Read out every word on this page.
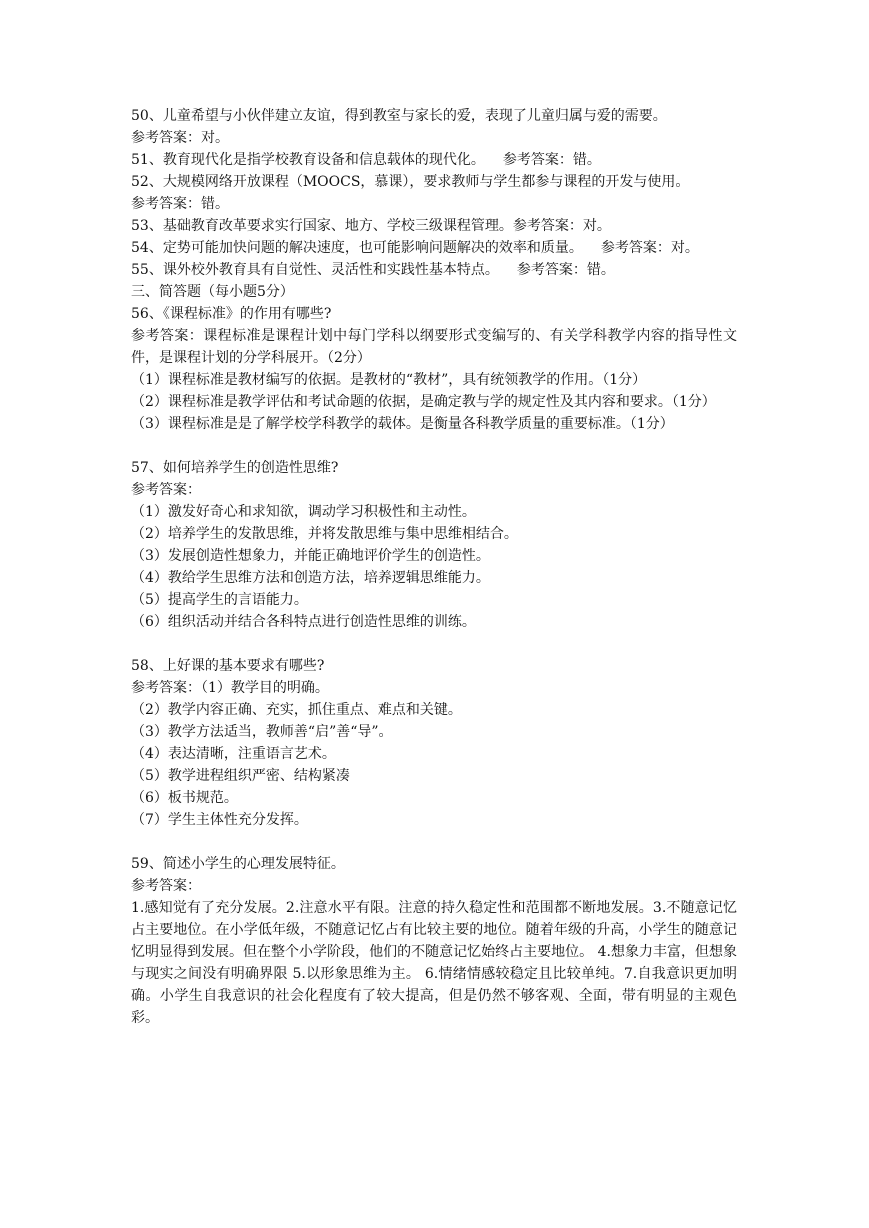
50、儿童希望与小伙伴建立友谊，得到教室与家长的爱，表现了儿童归属与爱的需要。
参考答案：对。
51、教育现代化是指学校教育设备和信息载体的现代化。 参考答案：错。
52、大规模网络开放课程（MOOCS，慕课），要求教师与学生都参与课程的开发与使用。
参考答案：错。
53、基础教育改革要求实行国家、地方、学校三级课程管理。参考答案：对。
54、定势可能加快问题的解决速度，也可能影响问题解决的效率和质量。 参考答案：对。
55、课外校外教育具有自觉性、灵活性和实践性基本特点。 参考答案：错。
三、简答题（每小题5分）
56、《课程标准》的作用有哪些?
参考答案：课程标准是课程计划中每门学科以纲要形式变编写的、有关学科教学内容的指导性文件，是课程计划的分学科展开。（2分）
（1）课程标准是教材编写的依据。是教材的“教材”，具有统领教学的作用。（1分）
（2）课程标准是教学评估和考试命题的依据，是确定教与学的规定性及其内容和要求。（1分）
（3）课程标准是是了解学校学科教学的载体。是衡量各科教学质量的重要标准。（1分）
57、如何培养学生的创造性思维?
参考答案：
（1）激发好奇心和求知欲，调动学习积极性和主动性。
（2）培养学生的发散思维，并将发散思维与集中思维相结合。
（3）发展创造性想象力，并能正确地评价学生的创造性。
（4）教给学生思维方法和创造方法，培养逻辑思维能力。
（5）提高学生的言语能力。
（6）组织活动并结合各科特点进行创造性思维的训练。
58、上好课的基本要求有哪些?
参考答案：（1）教学目的明确。
（2）教学内容正确、充实，抓住重点、难点和关键。
（3）教学方法适当，教师善“启”善“导”。
（4）表达清晰，注重语言艺术。
（5）教学进程组织严密、结构紧凑
（6）板书规范。
（7）学生主体性充分发挥。
59、简述小学生的心理发展特征。
参考答案：
1.感知觉有了充分发展。2.注意水平有限。注意的持久稳定性和范围都不断地发展。3.不随意记忆占主要地位。在小学低年级，不随意记忆占有比较主要的地位。随着年级的升高，小学生的随意记忆明显得到发展。但在整个小学阶段，他们的不随意记忆始终占主要地位。 4.想象力丰富，但想象与现实之间没有明确界限 5.以形象思维为主。 6.情绪情感较稳定且比较单纯。7.自我意识更加明确。小学生自我意识的社会化程度有了较大提高，但是仍然不够客观、全面，带有明显的主观色彩。
